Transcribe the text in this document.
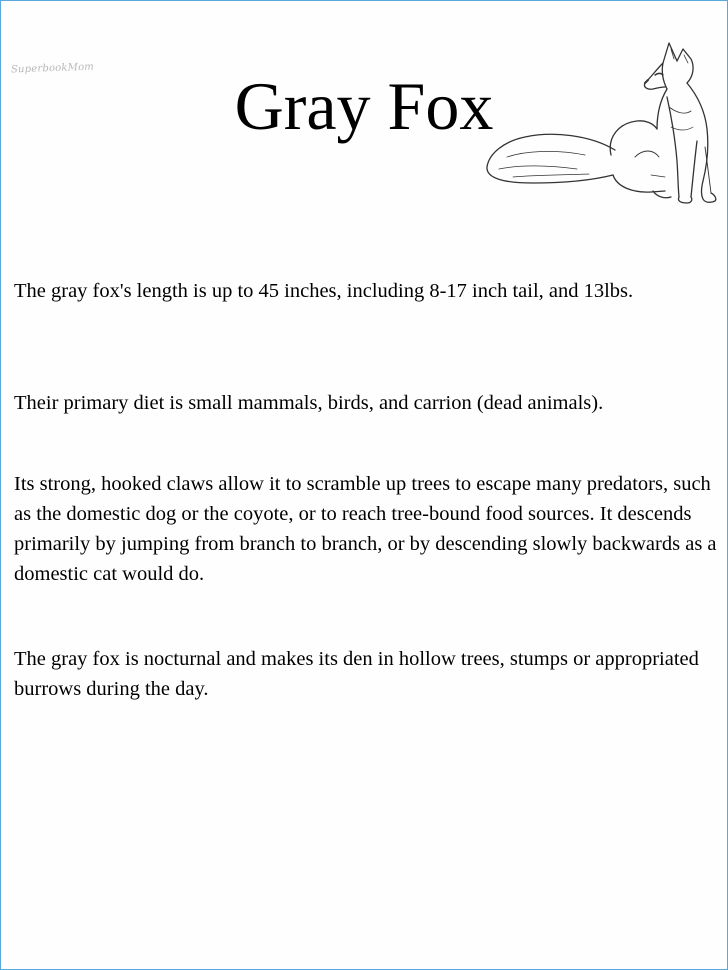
SuperbookMom	Gray Fox

The gray fox's length is up to 45 inches, including 8-17 inch tail, and 13lbs.

Their primary diet is small mammals, birds, and carrion (dead animals).

Its strong, hooked claws allow it to scramble up trees to escape many predators, such as the domestic dog or the coyote, or to reach tree-bound food sources. It descends primarily by jumping from branch to branch, or by descending slowly backwards as a domestic cat would do.

The gray fox is nocturnal and makes its den in hollow trees, stumps or appropriated burrows during the day.
